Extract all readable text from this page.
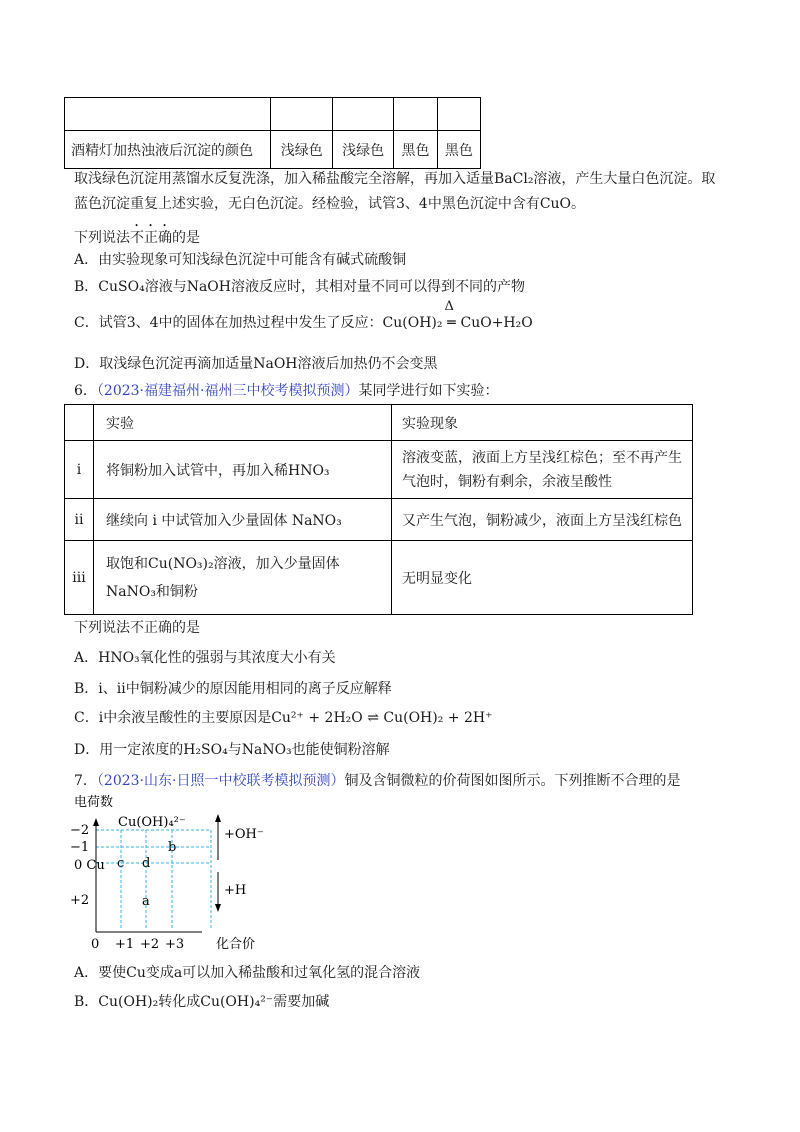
酒精灯加热浊液后沉淀的颜色	浅绿色	浅绿色	黑色	黑色
取浅绿色沉淀用蒸馏水反复洗涤，加入稀盐酸完全溶解，再加入适量BaCl₂溶液，产生大量白色沉淀。取
蓝色沉淀重复上述实验，无白色沉淀。经检验，试管3、4中黑色沉淀中含有CuO。
下列说法不正确的是
A．由实验现象可知浅绿色沉淀中可能含有碱式硫酸铜
B．CuSO₄溶液与NaOH溶液反应时，其相对量不同可以得到不同的产物
C．试管3、4中的固体在加热过程中发生了反应：Cu(OH)₂
Δ
═ CuO+H₂O
D．取浅绿色沉淀再滴加适量NaOH溶液后加热仍不会变黑
6．（2023·福建福州·福州三中校考模拟预测）某同学进行如下实验：
	实验	实验现象
i	将铜粉加入试管中，再加入稀HNO₃	溶液变蓝，液面上方呈浅红棕色；至不再产生气泡时，铜粉有剩余，余液呈酸性
ii	继续向 i 中试管加入少量固体 NaNO₃	又产生气泡，铜粉减少，液面上方呈浅红棕色
iii	取饱和Cu(NO₃)₂溶液，加入少量固体NaNO₃和铜粉	无明显变化
下列说法不正确的是
A．HNO₃氧化性的强弱与其浓度大小有关
B．ⅰ、ⅱ中铜粉减少的原因能用相同的离子反应解释
C．ⅰ中余液呈酸性的主要原因是Cu²⁺ + 2H₂O ⇌ Cu(OH)₂ + 2H⁺
D．用一定浓度的H₂SO₄与NaNO₃也能使铜粉溶解
7．（2023·山东·日照一中校联考模拟预测）铜及含铜微粒的价荷图如图所示。下列推断不合理的是
电荷数
−2
−1
0 Cu
+2
0 +1 +2 +3 化合价
Cu(OH)₄²⁻
c d
b
a
+OH⁻
+H
A．要使Cu变成a可以加入稀盐酸和过氧化氢的混合溶液
B．Cu(OH)₂转化成Cu(OH)₄²⁻需要加碱
